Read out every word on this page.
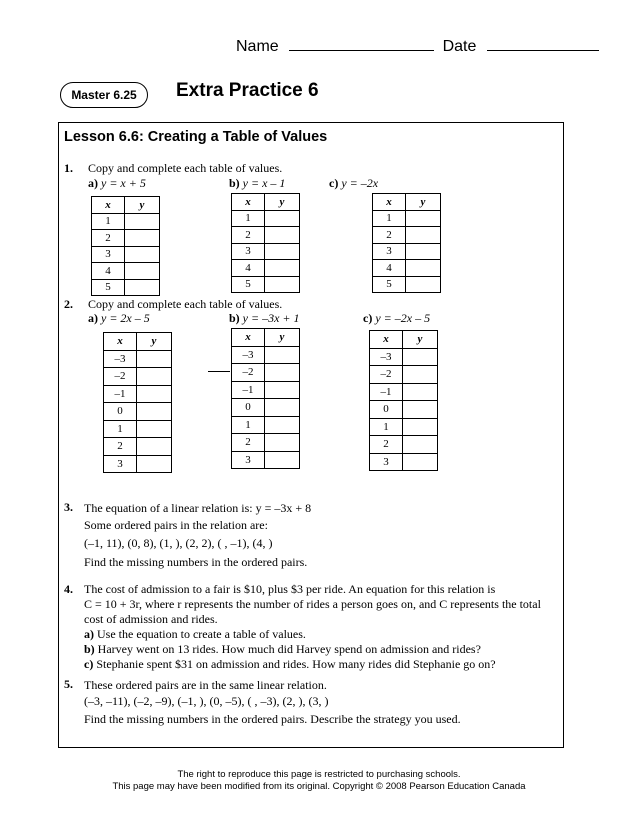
Name	Date
Master 6.25	Extra Practice 6
Lesson 6.6: Creating a Table of Values
1. Copy and complete each table of values.
a) y = x + 5	b) y = x – 1	c) y = –2x
x	y
1	
2	
3	
4	
5	
x	y
1	
2	
3	
4	
5	
x	y
1	
2	
3	
4	
5	
2. Copy and complete each table of values.
a) y = 2x – 5	b) y = –3x + 1	c) y = –2x – 5
x	y
–3	
–2	
–1	
0	
1	
2	
3	
x	y
–3	
–2	
–1	
0	
1	
2	
3	
x	y
–3	
–2	
–1	
0	
1	
2	
3	
3. The equation of a linear relation is: y = –3x + 8
Some ordered pairs in the relation are:
(–1, 11), (0, 8), (1, ), (2, 2), ( , –1), (4, )
Find the missing numbers in the ordered pairs.
4. The cost of admission to a fair is $10, plus $3 per ride. An equation for this relation is
C = 10 + 3r, where r represents the number of rides a person goes on, and C represents the total
cost of admission and rides.
a) Use the equation to create a table of values.
b) Harvey went on 13 rides. How much did Harvey spend on admission and rides?
c) Stephanie spent $31 on admission and rides. How many rides did Stephanie go on?
5. These ordered pairs are in the same linear relation.
(–3, –11), (–2, –9), (–1, ), (0, –5), ( , –3), (2, ), (3, )
Find the missing numbers in the ordered pairs. Describe the strategy you used.
The right to reproduce this page is restricted to purchasing schools.
This page may have been modified from its original. Copyright © 2008 Pearson Education Canada
